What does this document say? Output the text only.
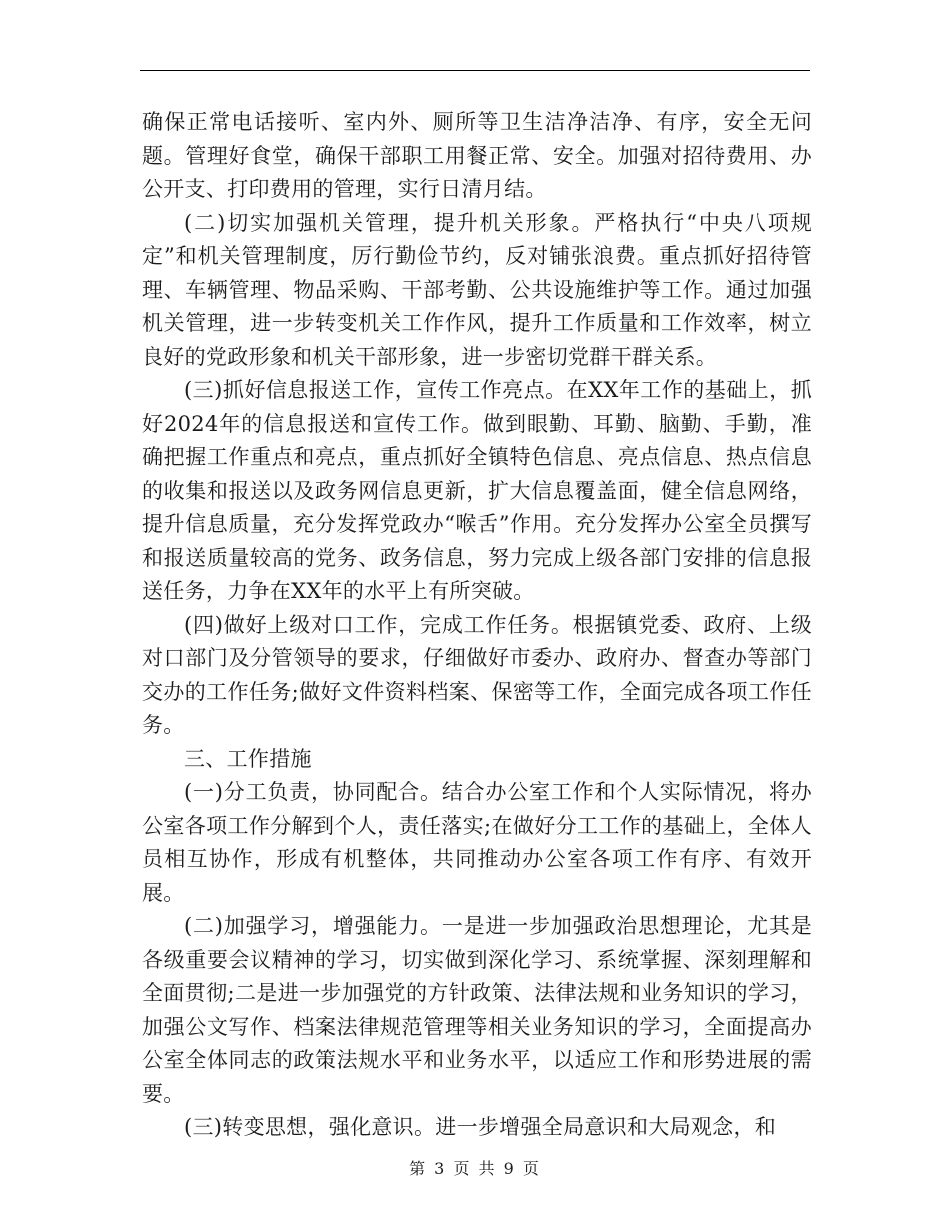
确保正常电话接听、室内外、厕所等卫生洁净洁净、有序，安全无问题。管理好食堂，确保干部职工用餐正常、安全。加强对招待费用、办公开支、打印费用的管理，实行日清月结。

(二)切实加强机关管理，提升机关形象。严格执行“中央八项规定”和机关管理制度，厉行勤俭节约，反对铺张浪费。重点抓好招待管理、车辆管理、物品采购、干部考勤、公共设施维护等工作。通过加强机关管理，进一步转变机关工作作风，提升工作质量和工作效率，树立良好的党政形象和机关干部形象，进一步密切党群干群关系。

(三)抓好信息报送工作，宣传工作亮点。在XX年工作的基础上，抓好2024年的信息报送和宣传工作。做到眼勤、耳勤、脑勤、手勤，准确把握工作重点和亮点，重点抓好全镇特色信息、亮点信息、热点信息的收集和报送以及政务网信息更新，扩大信息覆盖面，健全信息网络，提升信息质量，充分发挥党政办“喉舌”作用。充分发挥办公室全员撰写和报送质量较高的党务、政务信息，努力完成上级各部门安排的信息报送任务，力争在XX年的水平上有所突破。

(四)做好上级对口工作，完成工作任务。根据镇党委、政府、上级对口部门及分管领导的要求，仔细做好市委办、政府办、督查办等部门交办的工作任务;做好文件资料档案、保密等工作，全面完成各项工作任务。

三、工作措施

(一)分工负责，协同配合。结合办公室工作和个人实际情况，将办公室各项工作分解到个人，责任落实;在做好分工工作的基础上，全体人员相互协作，形成有机整体，共同推动办公室各项工作有序、有效开展。

(二)加强学习，增强能力。一是进一步加强政治思想理论，尤其是各级重要会议精神的学习，切实做到深化学习、系统掌握、深刻理解和全面贯彻;二是进一步加强党的方针政策、法律法规和业务知识的学习，加强公文写作、档案法律规范管理等相关业务知识的学习，全面提高办公室全体同志的政策法规水平和业务水平，以适应工作和形势进展的需要。

(三)转变思想，强化意识。进一步增强全局意识和大局观念，和

第 3 页 共 9 页
